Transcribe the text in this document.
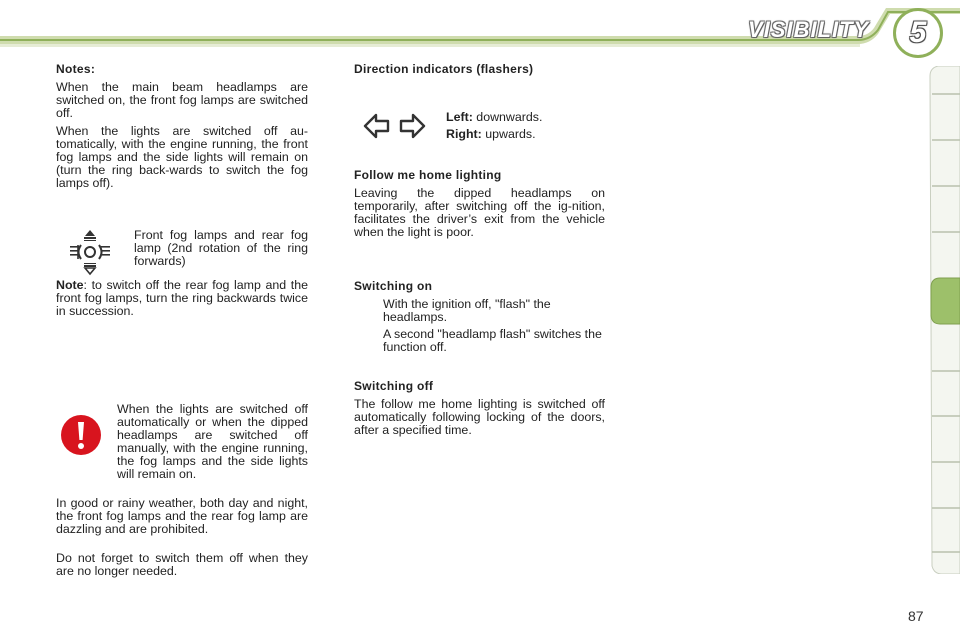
VISIBILITY	5

Notes:

When the main beam headlamps are switched on, the front fog lamps are switched off.

When the lights are switched off au-tomatically, with the engine running, the front fog lamps and the side lights will remain on (turn the ring back-wards to switch the fog lamps off).

Front fog lamps and rear fog lamp (2nd rotation of the ring forwards)

Note: to switch off the rear fog lamp and the front fog lamps, turn the ring backwards twice in succession.

When the lights are switched off automatically or when the dipped headlamps are switched off manually, with the engine running, the fog lamps and the side lights will remain on.

In good or rainy weather, both day and night, the front fog lamps and the rear fog lamp are dazzling and are prohibited.

Do not forget to switch them off when they are no longer needed.

Direction indicators (flashers)

Left: downwards.

Right: upwards.

Follow me home lighting

Leaving the dipped headlamps on temporarily, after switching off the ig-nition, facilitates the driver’s exit from the vehicle when the light is poor.

Switching on

With the ignition off, "flash" the headlamps.

A second "headlamp flash" switches the function off.

Switching off

The follow me home lighting is switched off automatically following locking of the doors, after a specified time.

87
